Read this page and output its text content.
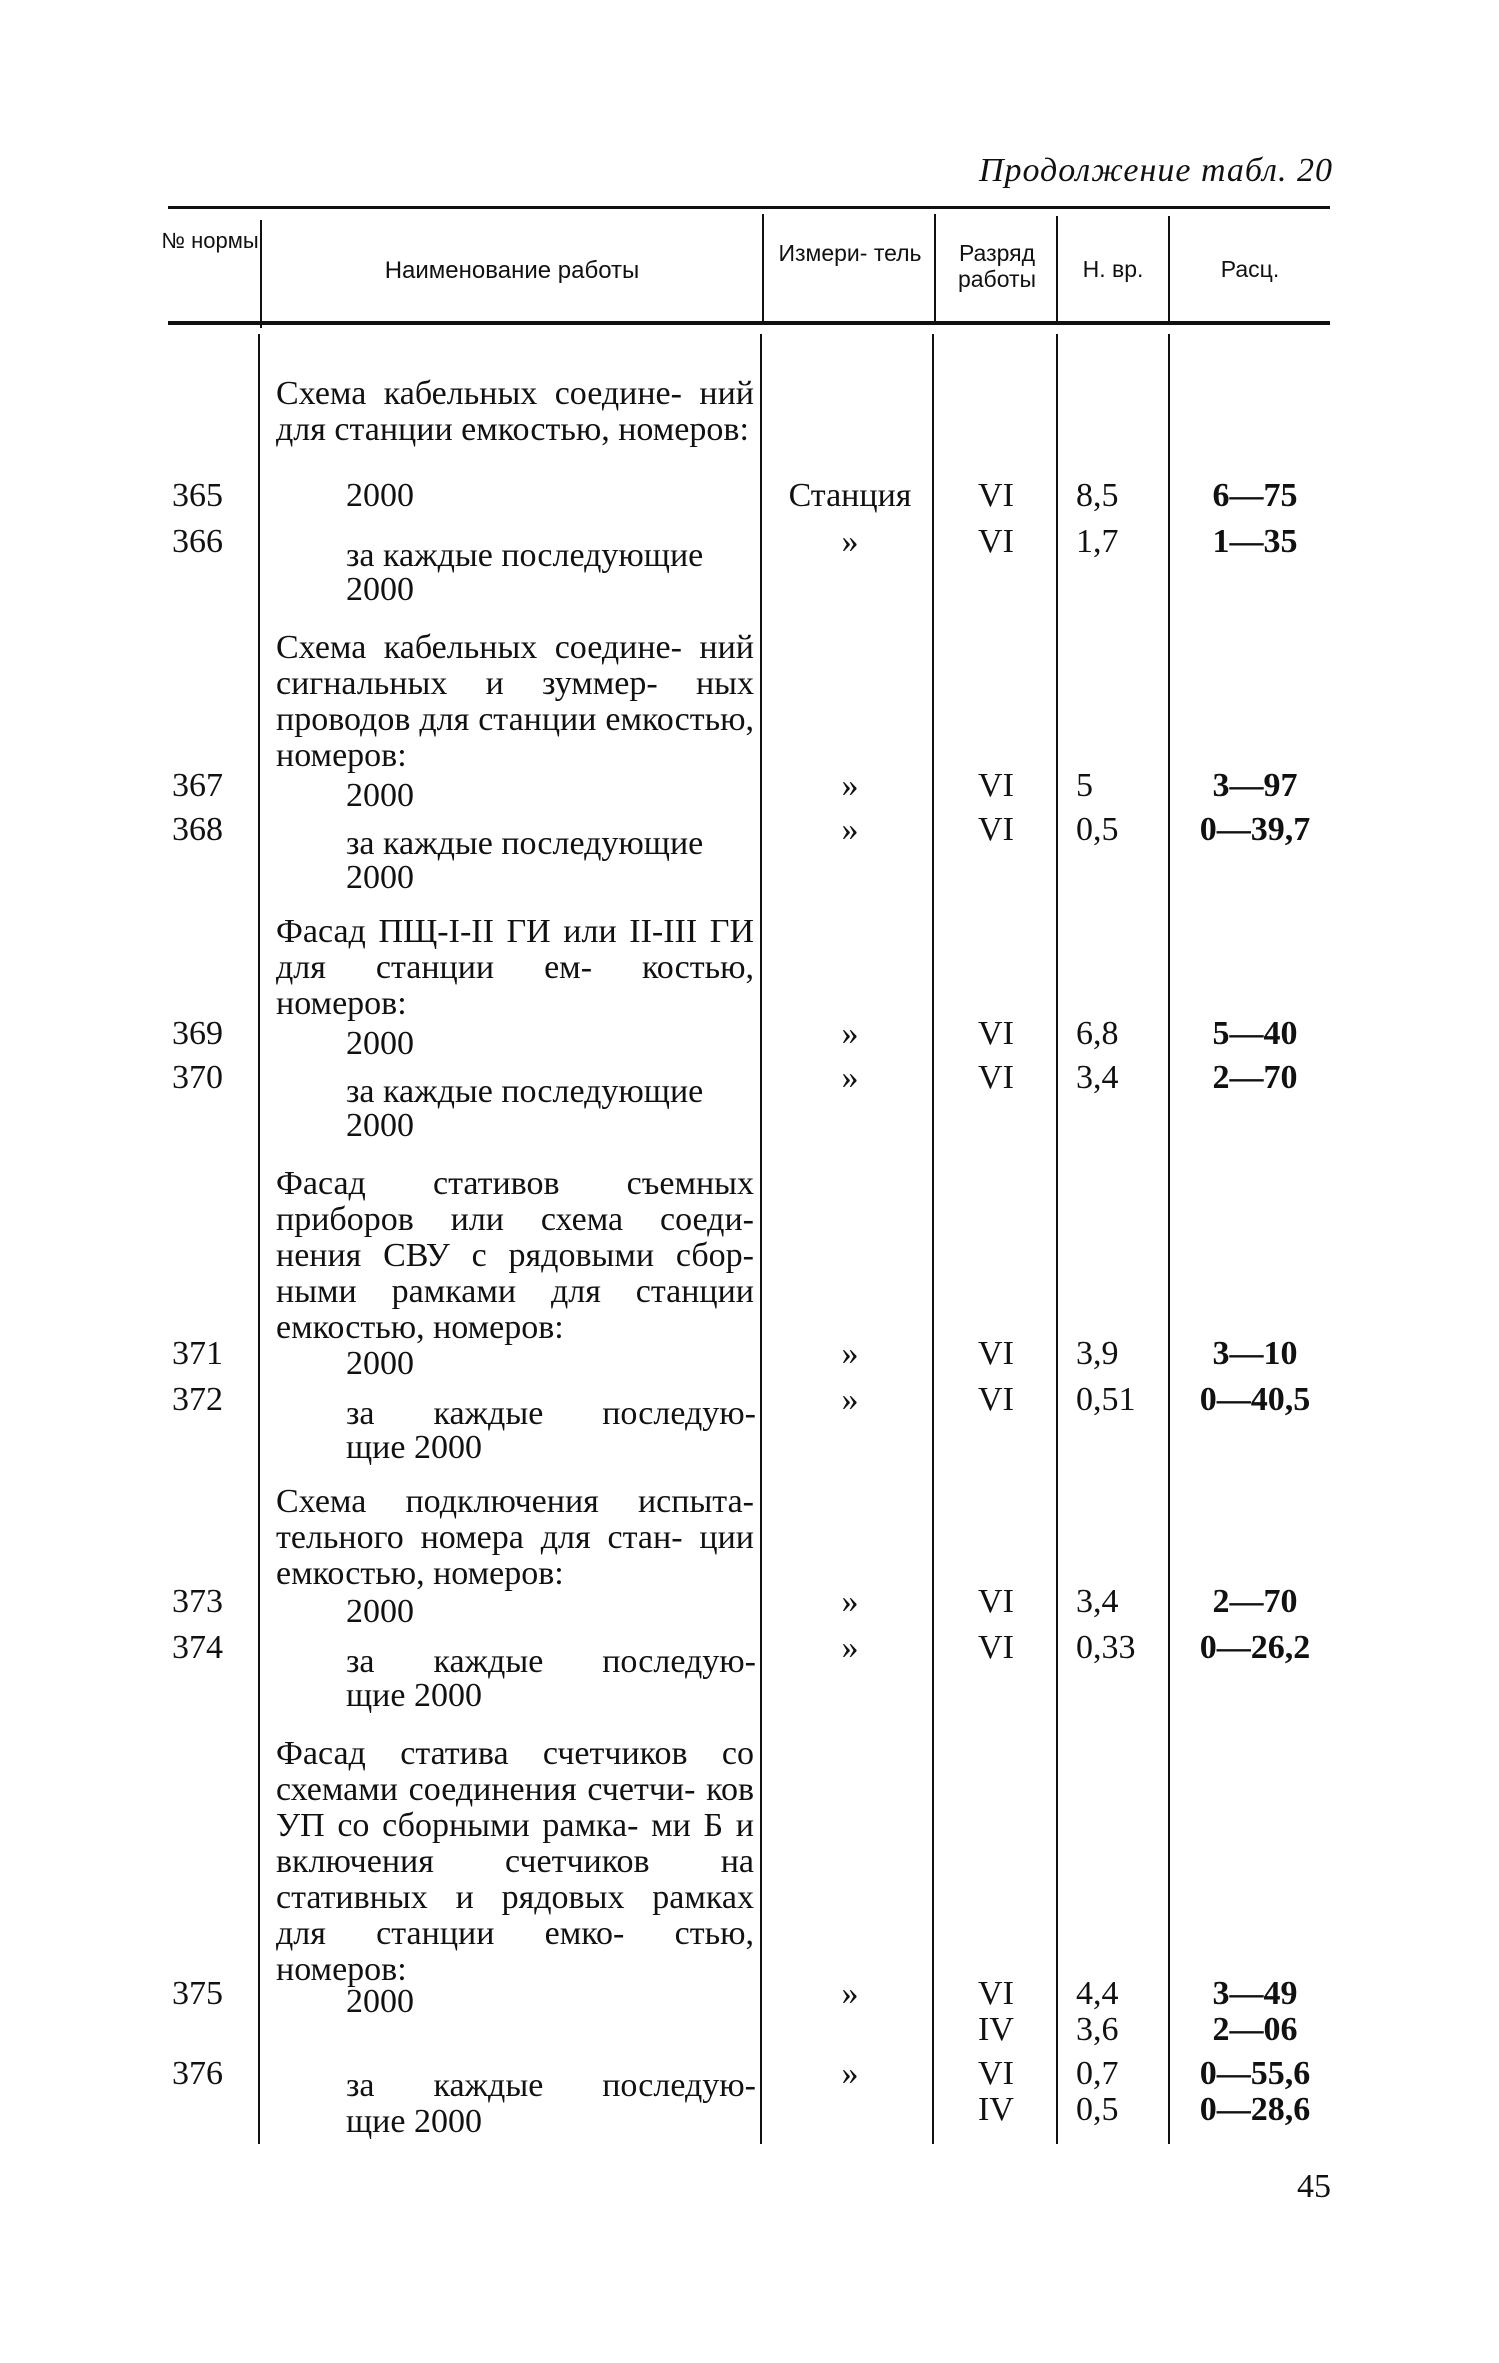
Продолжение табл. 20
№ нормы
Наименование работы
Измери- тель	Разряд работы	Н. вр.	Расц.
Схема кабельных соедине- ний для станции емкостью, номеров:
365	2000	Станция	VI	8,5	6—75
366	за каждые последующие	»	VI	1,7	1—35
2000
Схема кабельных соедине- ний сигнальных и зуммер- ных проводов для станции емкостью, номеров:
367	2000	»	VI	5	3—97
368	за каждые последующие	»	VI	0,5	0—39,7
2000
Фасад ПЩ-I-II ГИ или II-III ГИ для станции ем- костью, номеров:
369	2000	»	VI	6,8	5—40
370	за каждые последующие	»	VI	3,4	2—70
2000
Фасад стативов съемных приборов или схема соеди- нения СВУ с рядовыми сбор- ными рамками для станции емкостью, номеров:
371	2000	»	VI	3,9	3—10
372	за каждые последую-	»	VI	0,51	0—40,5
щие 2000
Схема подключения испыта- тельного номера для стан- ции емкостью, номеров:
373	2000	»	VI	3,4	2—70
374	за каждые последую-	»	VI	0,33	0—26,2
щие 2000
Фасад статива счетчиков со схемами соединения счетчи- ков УП со сборными рамка- ми Б и включения счетчиков на стативных и рядовых рамках для станции емко- стью, номеров:
375	2000	»	VI	4,4	3—49
IV	3,6	2—06
376	за каждые последую-	»	VI	0,7	0—55,6
IV	0,5	0—28,6
щие 2000
45
